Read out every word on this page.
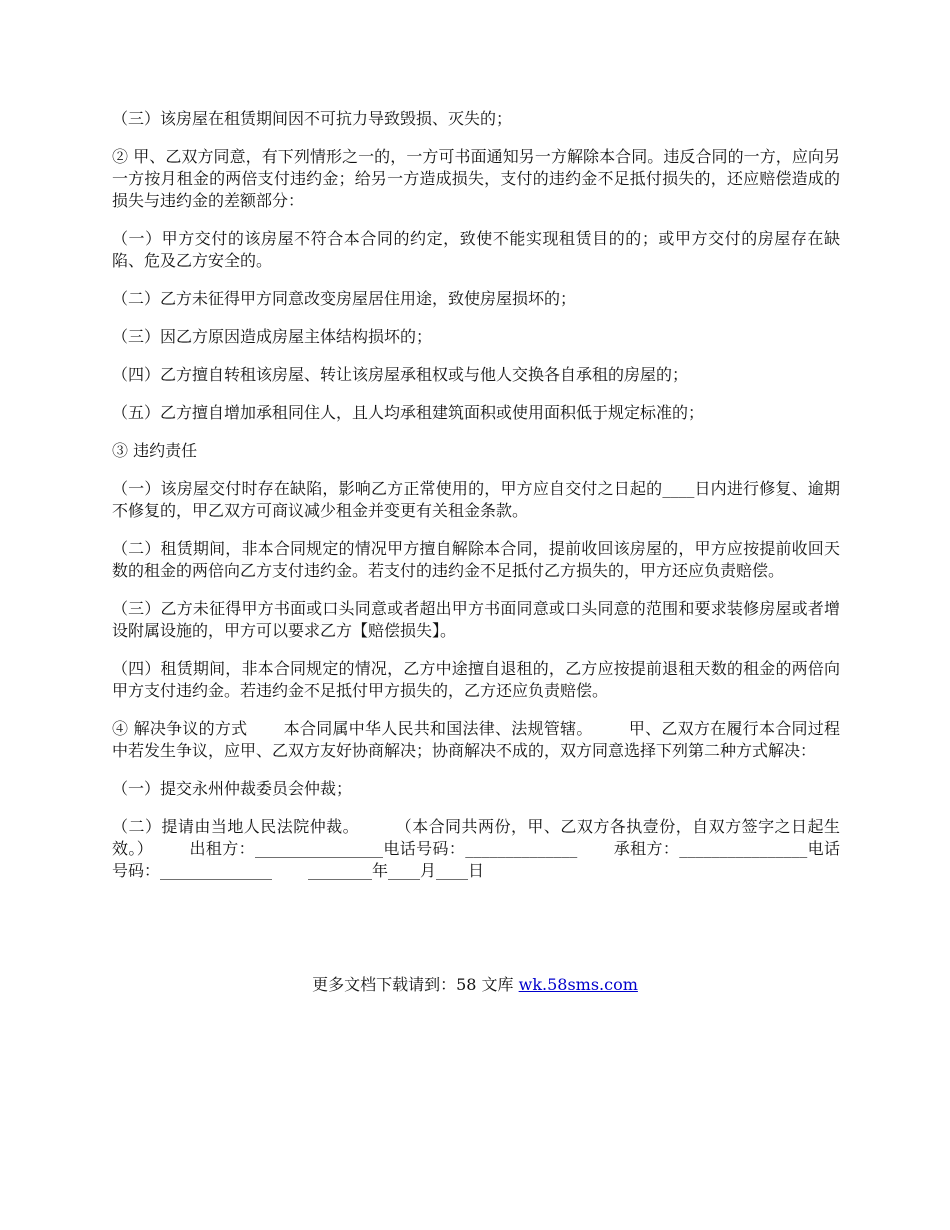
（三）该房屋在租赁期间因不可抗力导致毁损、灭失的；

② 甲、乙双方同意，有下列情形之一的，一方可书面通知另一方解除本合同。违反合同的一方，应向另一方按月租金的两倍支付违约金；给另一方造成损失，支付的违约金不足抵付损失的，还应赔偿造成的损失与违约金的差额部分：

（一）甲方交付的该房屋不符合本合同的约定，致使不能实现租赁目的的；或甲方交付的房屋存在缺陷、危及乙方安全的。

（二）乙方未征得甲方同意改变房屋居住用途，致使房屋损坏的；

（三）因乙方原因造成房屋主体结构损坏的；

（四）乙方擅自转租该房屋、转让该房屋承租权或与他人交换各自承租的房屋的；

（五）乙方擅自增加承租同住人，且人均承租建筑面积或使用面积低于规定标准的；

③ 违约责任

（一）该房屋交付时存在缺陷，影响乙方正常使用的，甲方应自交付之日起的____日内进行修复、逾期不修复的，甲乙双方可商议减少租金并变更有关租金条款。

（二）租赁期间，非本合同规定的情况甲方擅自解除本合同，提前收回该房屋的，甲方应按提前收回天数的租金的两倍向乙方支付违约金。若支付的违约金不足抵付乙方损失的，甲方还应负责赔偿。

（三）乙方未征得甲方书面或口头同意或者超出甲方书面同意或口头同意的范围和要求装修房屋或者增设附属设施的，甲方可以要求乙方【赔偿损失】。

（四）租赁期间，非本合同规定的情况，乙方中途擅自退租的，乙方应按提前退租天数的租金的两倍向甲方支付违约金。若违约金不足抵付甲方损失的，乙方还应负责赔偿。

④ 解决争议的方式 本合同属中华人民共和国法律、法规管辖。 甲、乙双方在履行本合同过程中若发生争议，应甲、乙双方友好协商解决；协商解决不成的，双方同意选择下列第二种方式解决：

（一）提交永州仲裁委员会仲裁；

（二）提请由当地人民法院仲裁。 （本合同共两份，甲、乙双方各执壹份，自双方签字之日起生效。） 出租方：________________电话号码：______________ 承租方：________________电话号码：______________ ________年____月____日

更多文档下载请到：58 文库 wk.58sms.com
